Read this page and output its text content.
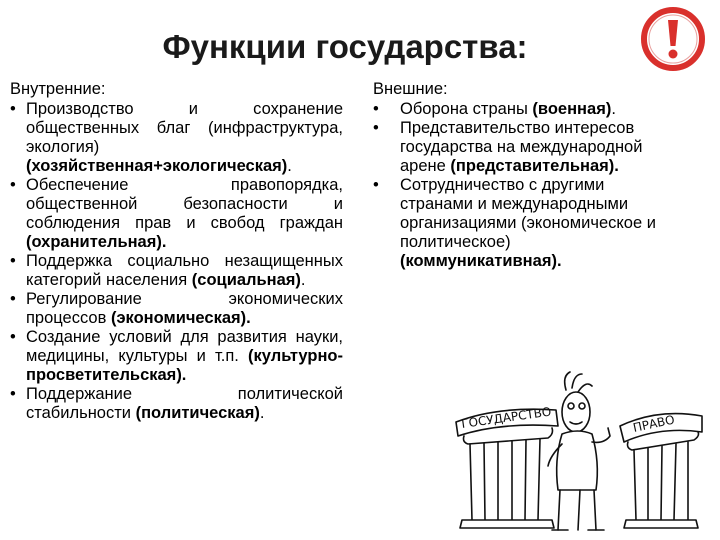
Функции государства:
Внутренние:
• Производство и сохранение общественных благ (инфраструктура, экология) (хозяйственная+экологическая).
• Обеспечение правопорядка, общественной безопасности и соблюдения прав и свобод граждан (охранительная).
• Поддержка социально незащищенных категорий населения (социальная).
• Регулирование экономических процессов (экономическая).
• Создание условий для развития науки, медицины, культуры и т.п. (культурно-просветительская).
• Поддержание политической стабильности (политическая).
Внешние:
• Оборона страны (военная).
• Представительство интересов государства на международной арене (представительная).
• Сотрудничество с другими странами и международными организациями (экономическое и политическое) (коммуникативная).
ГОСУДАРСТВО	ПРАВО
